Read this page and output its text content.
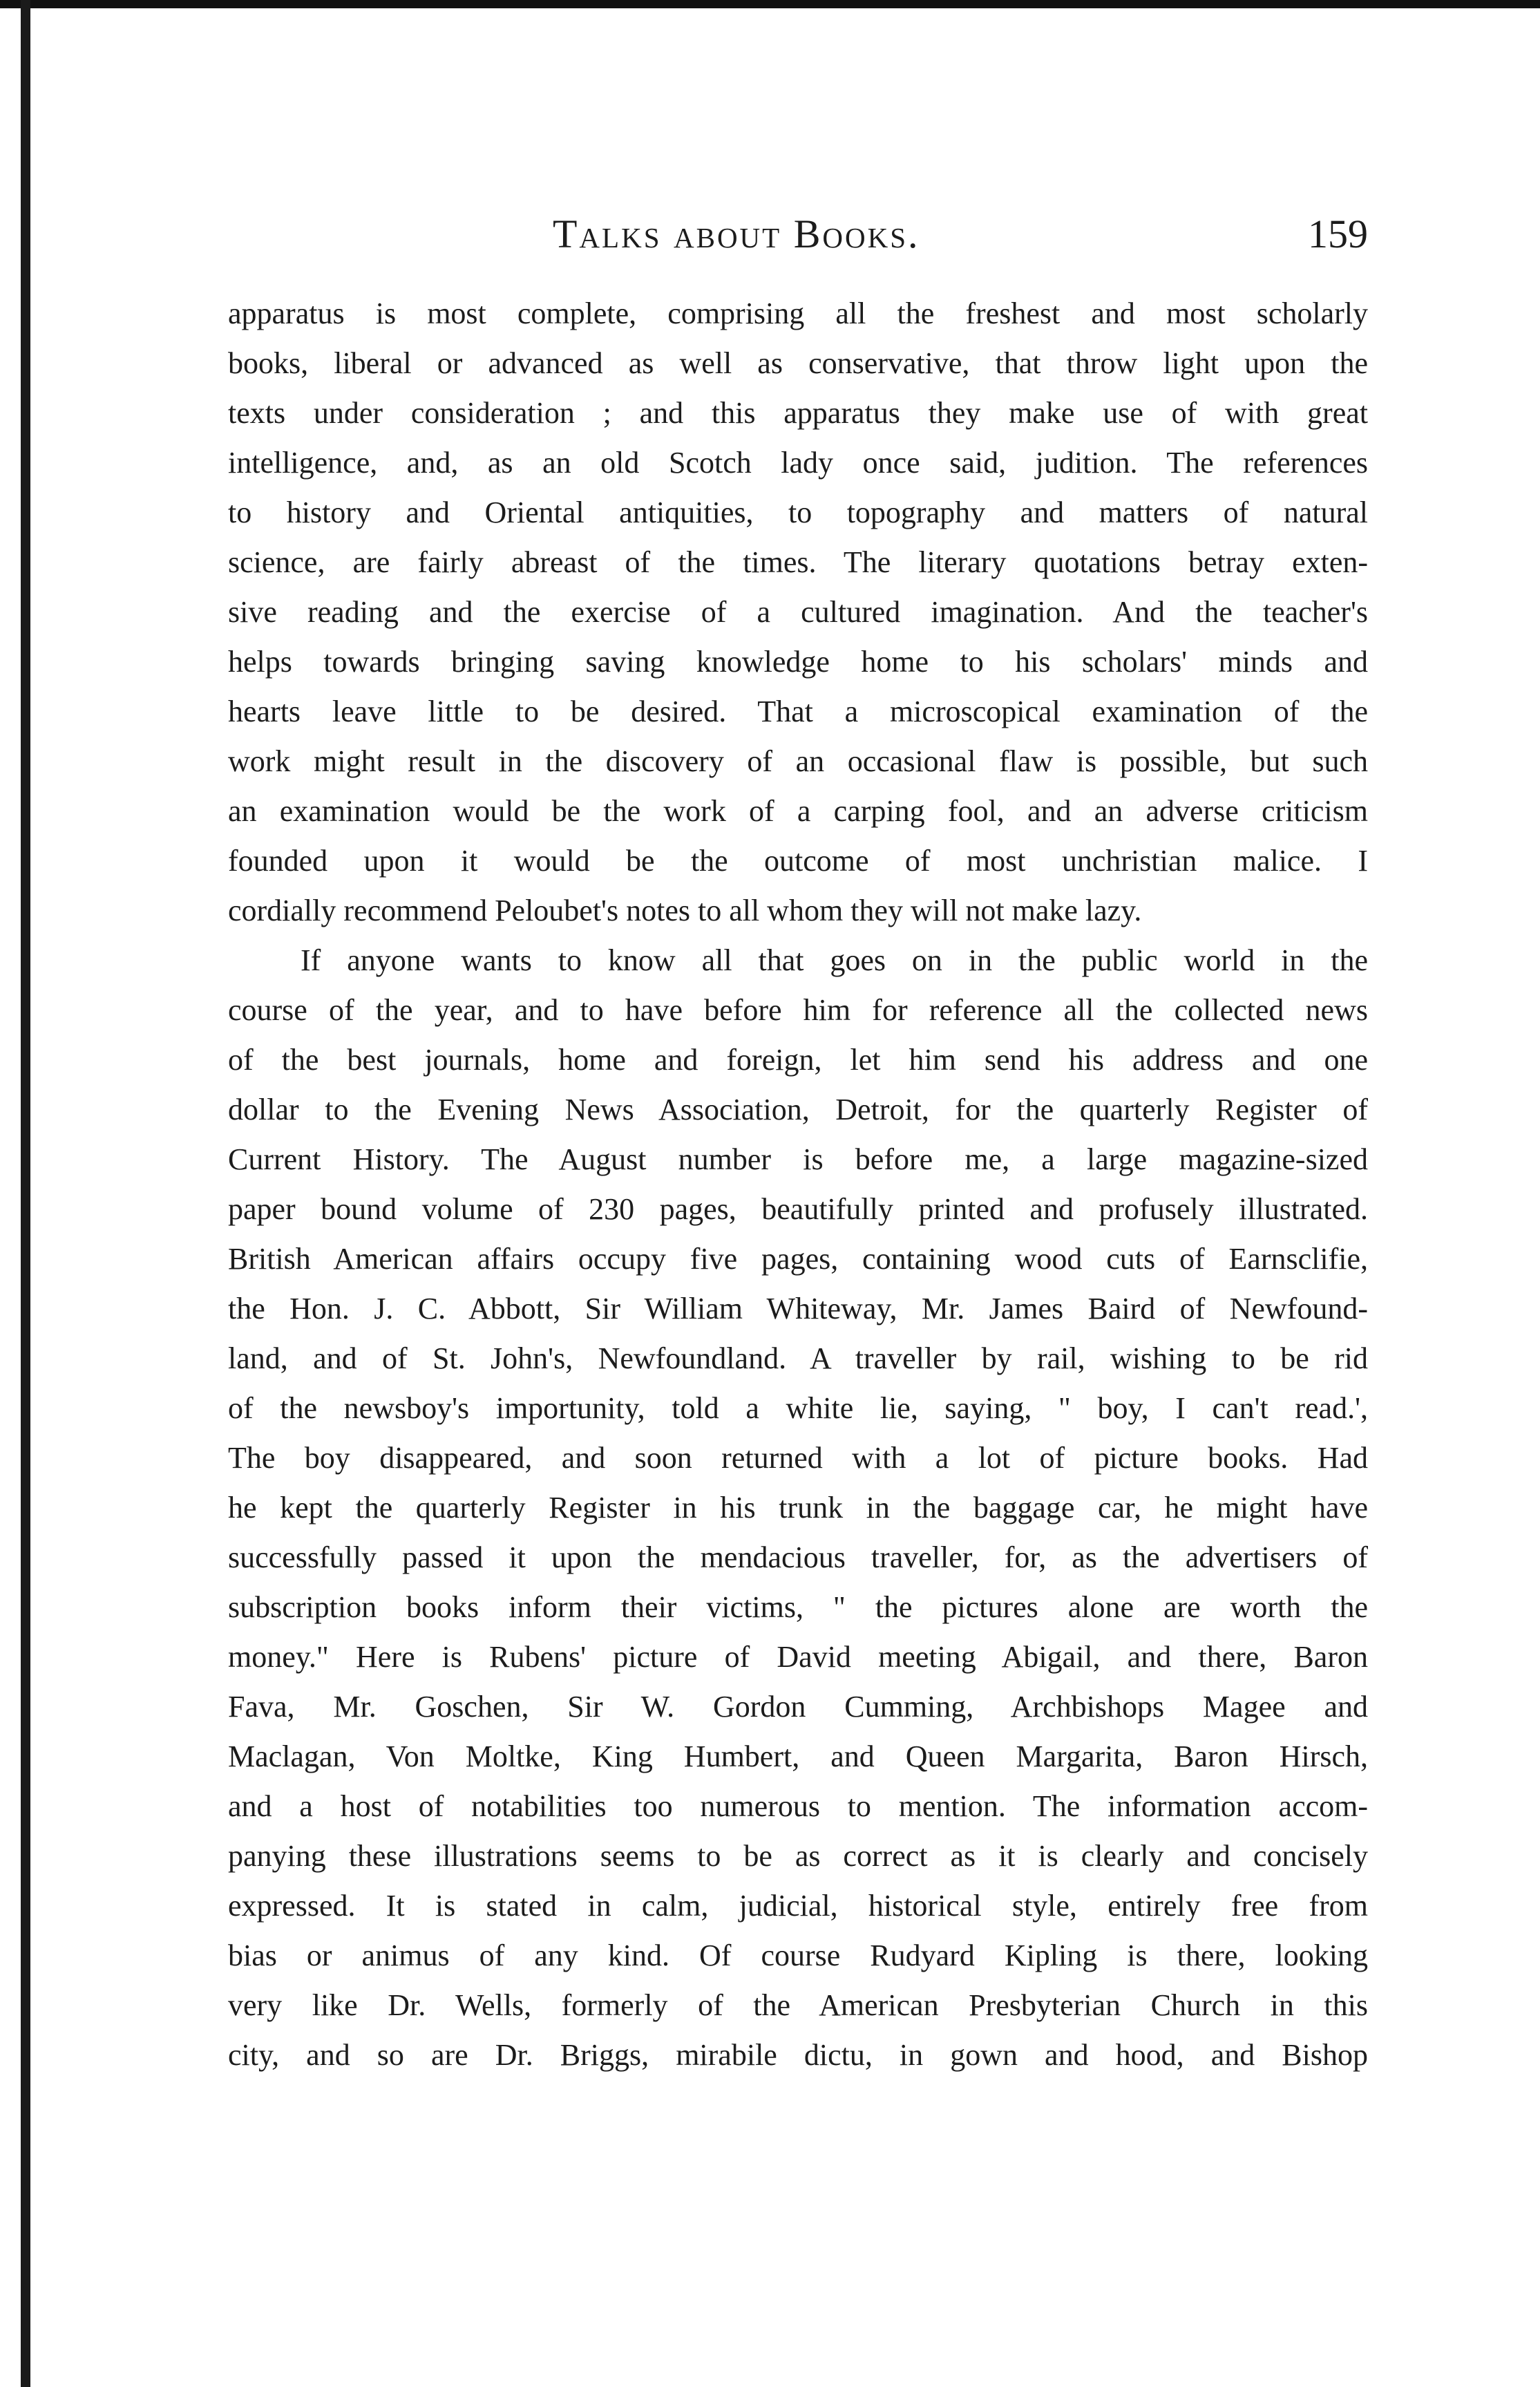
Talks about Books.	159
apparatus is most complete, comprising all the freshest and most scholarly
books, liberal or advanced as well as conservative, that throw light upon the
texts under consideration ; and this apparatus they make use of with great
intelligence, and, as an old Scotch lady once said, judition. The references
to history and Oriental antiquities, to topography and matters of natural
science, are fairly abreast of the times. The literary quotations betray exten-
sive reading and the exercise of a cultured imagination. And the teacher's
helps towards bringing saving knowledge home to his scholars' minds and
hearts leave little to be desired. That a microscopical examination of the
work might result in the discovery of an occasional flaw is possible, but such
an examination would be the work of a carping fool, and an adverse criticism
founded upon it would be the outcome of most unchristian malice. I
cordially recommend Peloubet's notes to all whom they will not make lazy.
If anyone wants to know all that goes on in the public world in the
course of the year, and to have before him for reference all the collected news
of the best journals, home and foreign, let him send his address and one
dollar to the Evening News Association, Detroit, for the quarterly Register of
Current History. The August number is before me, a large magazine-sized
paper bound volume of 230 pages, beautifully printed and profusely illustrated.
British American affairs occupy five pages, containing wood cuts of Earnsclifie,
the Hon. J. C. Abbott, Sir William Whiteway, Mr. James Baird of Newfound-
land, and of St. John's, Newfoundland. A traveller by rail, wishing to be rid
of the newsboy's importunity, told a white lie, saying, " boy, I can't read.',
The boy disappeared, and soon returned with a lot of picture books. Had
he kept the quarterly Register in his trunk in the baggage car, he might have
successfully passed it upon the mendacious traveller, for, as the advertisers of
subscription books inform their victims, " the pictures alone are worth the
money." Here is Rubens' picture of David meeting Abigail, and there, Baron
Fava, Mr. Goschen, Sir W. Gordon Cumming, Archbishops Magee and
Maclagan, Von Moltke, King Humbert, and Queen Margarita, Baron Hirsch,
and a host of notabilities too numerous to mention. The information accom-
panying these illustrations seems to be as correct as it is clearly and concisely
expressed. It is stated in calm, judicial, historical style, entirely free from
bias or animus of any kind. Of course Rudyard Kipling is there, looking
very like Dr. Wells, formerly of the American Presbyterian Church in this
city, and so are Dr. Briggs, mirabile dictu, in gown and hood, and Bishop
